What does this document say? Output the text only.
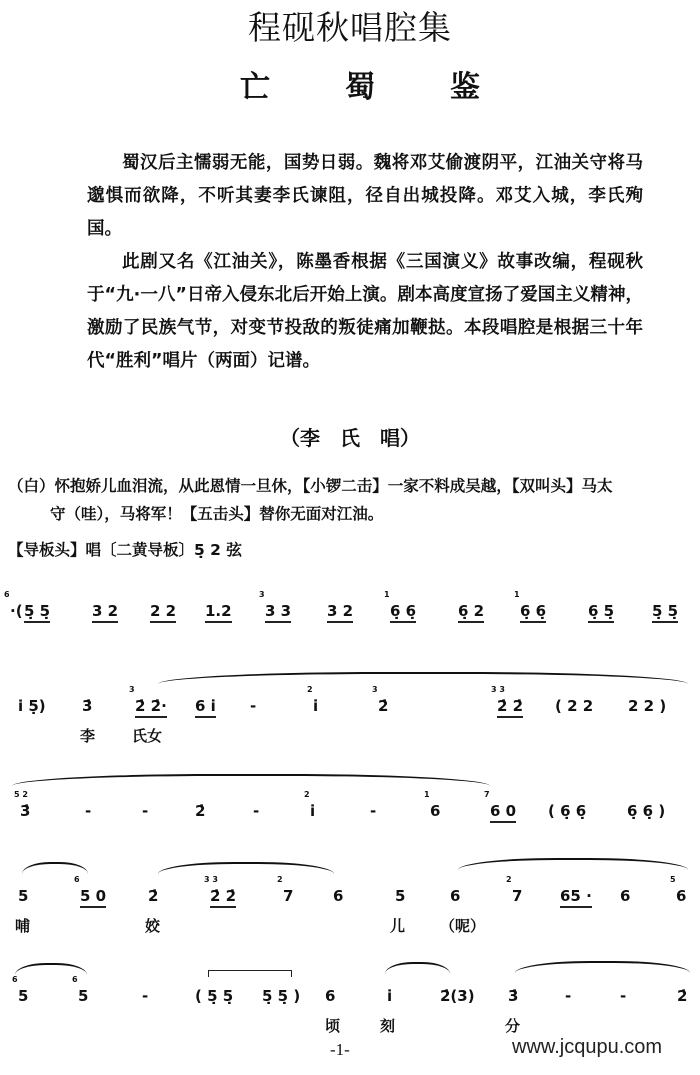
程砚秋唱腔集
亡	蜀	鉴

蜀汉后主懦弱无能，国势日弱。魏将邓艾偷渡阴平，江油关守将马邈惧而欲降，不听其妻李氏谏阻，径自出城投降。邓艾入城，李氏殉国。

此剧又名《江油关》，陈墨香根据《三国演义》故事改编，程砚秋于“九·一八”日帝入侵东北后开始上演。剧本高度宣扬了爱国主义精神，激励了民族气节，对变节投敌的叛徒痛加鞭挞。本段唱腔是根据三十年代“胜利”唱片（两面）记谱。

（李　氏　唱）
（白）怀抱娇儿血泪流，从此恩情一旦休，【小锣二击】一家不料成吴越，【双叫头】马太
守（哇），马将军！【五击头】替你无面对江油。
【导板头】唱〔二黄导板〕5̣ 2 弦
6
·( 5̣ 5̣	3 2 2 2 1.2
3
3 3 3 2
1
6̣ 6̣	6̣ 2
1
6̣ 6̣	6̣ 5̣	5̣ 5̣
i 5̣) 3̇
3
2̇ 2̇· 6 i̇ -
2
i̇
3
2̇
3 3
2̇ 2̇ ( 2 2 2 2 )
李 氏女
5 2
3̇	-	-	2̇	-
2
i̇	-
1
6
7
6 0 ( 6̣ 6̣	6̣ 6̣ )
5
6
5 0	2̇
3 3
2̇ 2̇
2
7	6	5	6
2
7	65 · 6
5
6
哺	姣	儿 （呢）
6
5
6
5	-	( 5̣ 5̣ 5̣ 5̣ ) 6	i̇	2̇(3) 3̇	-	-	2̇
顷	刻	分
-1-	www.jcqupu.com
